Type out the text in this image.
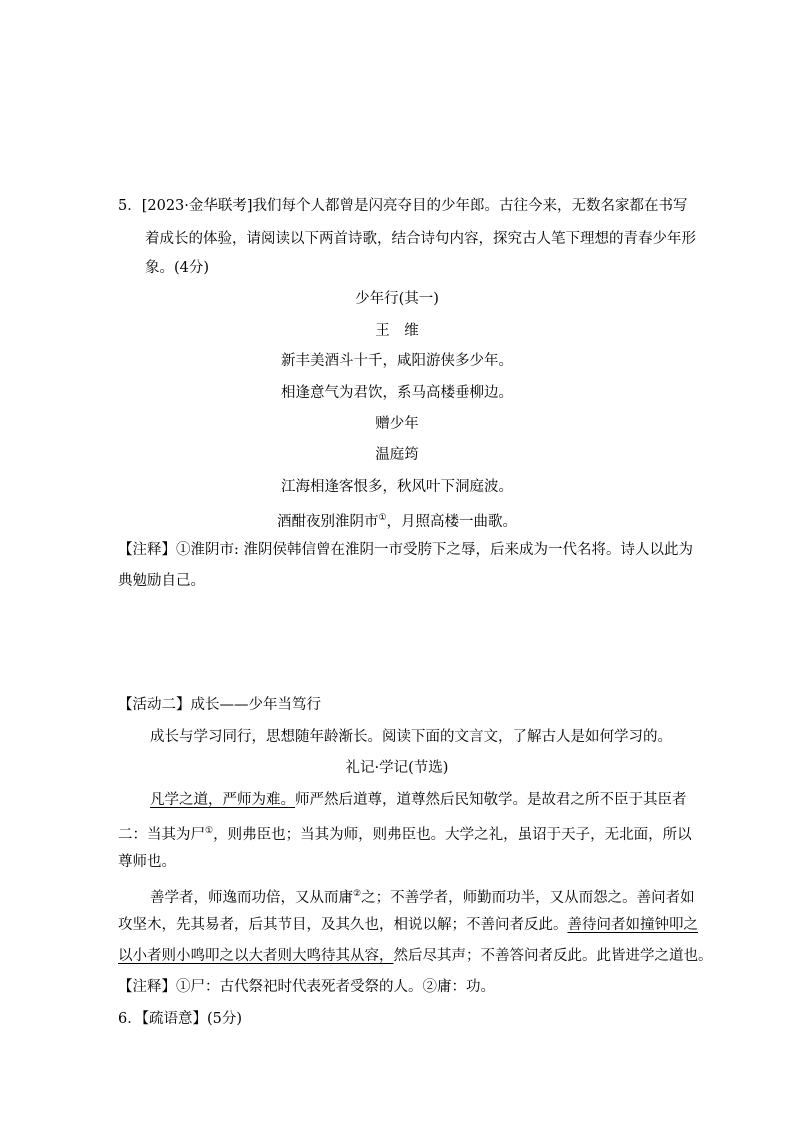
5．[2023·金华联考]我们每个人都曾是闪亮夺目的少年郎。古往今来，无数名家都在书写
着成长的体验，请阅读以下两首诗歌，结合诗句内容，探究古人笔下理想的青春少年形
象。(4分)
少年行(其一)
王　维
新丰美酒斗十千，咸阳游侠多少年。
相逢意气为君饮，系马高楼垂柳边。
赠少年
温庭筠
江海相逢客恨多，秋风叶下洞庭波。
酒酣夜别淮阴市①，月照高楼一曲歌。
【注释】①淮阴市: 淮阴侯韩信曾在淮阴一市受胯下之辱，后来成为一代名将。诗人以此为
典勉励自己。
【活动二】成长——少年当笃行
成长与学习同行，思想随年龄渐长。阅读下面的文言文，了解古人是如何学习的。
礼记·学记(节选)
凡学之道，严师为难。师严然后道尊，道尊然后民知敬学。是故君之所不臣于其臣者
二：当其为尸①，则弗臣也；当其为师，则弗臣也。大学之礼，虽诏于天子，无北面，所以
尊师也。
善学者，师逸而功倍，又从而庸②之；不善学者，师勤而功半，又从而怨之。善问者如
攻坚木，先其易者，后其节目，及其久也，相说以解；不善问者反此。善待问者如撞钟叩之
以小者则小鸣叩之以大者则大鸣待其从容，然后尽其声；不善答问者反此。此皆进学之道也。
【注释】①尸：古代祭祀时代表死者受祭的人。②庸：功。
6．【疏语意】(5分)
